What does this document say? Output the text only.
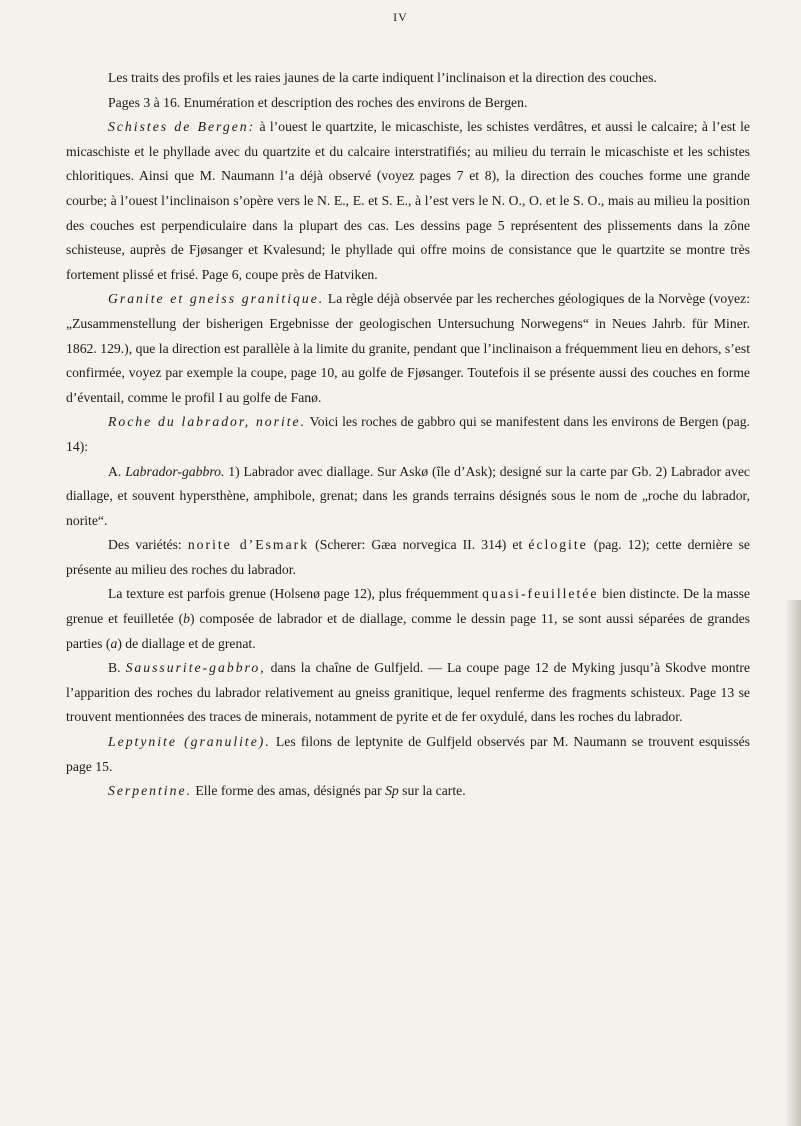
IV

Les traits des profils et les raies jaunes de la carte indiquent l’inclinaison et la direction des couches.

Pages 3 à 16. Enumération et description des roches des environs de Bergen.

Schistes de Bergen: à l’ouest le quartzite, le micaschiste, les schistes verdâtres, et aussi le calcaire; à l’est le micaschiste et le phyllade avec du quartzite et du calcaire interstratifiés; au milieu du terrain le micaschiste et les schistes chloritiques. Ainsi que M. Naumann l’a déjà observé (voyez pages 7 et 8), la direction des couches forme une grande courbe; à l’ouest l’inclinaison s’opère vers le N. E., E. et S. E., à l’est vers le N. O., O. et le S. O., mais au milieu la position des couches est perpendiculaire dans la plupart des cas. Les dessins page 5 représentent des plissements dans la zône schisteuse, auprès de Fjøsanger et Kvalesund; le phyllade qui offre moins de consistance que le quartzite se montre très fortement plissé et frisé. Page 6, coupe près de Hatviken.

Granite et gneiss granitique. La règle déjà observée par les recherches géologiques de la Norvège (voyez: „Zusammenstellung der bisherigen Ergebnisse der geologischen Untersuchung Norwegens“ in Neues Jahrb. für Miner. 1862. 129.), que la direction est parallèle à la limite du granite, pendant que l’inclinaison a fréquemment lieu en dehors, s’est confirmée, voyez par exemple la coupe, page 10, au golfe de Fjøsanger. Toutefois il se présente aussi des couches en forme d’éventail, comme le profil I au golfe de Fanø.

Roche du labrador, norite. Voici les roches de gabbro qui se manifestent dans les environs de Bergen (pag. 14):

A. Labrador-gabbro. 1) Labrador avec diallage. Sur Askø (île d’Ask); designé sur la carte par Gb. 2) Labrador avec diallage, et souvent hypersthène, amphibole, grenat; dans les grands terrains désignés sous le nom de „roche du labrador, norite“.

Des variétés: norite d’Esmark (Scherer: Gæa norvegica II. 314) et éclogite (pag. 12); cette dernière se présente au milieu des roches du labrador.

La texture est parfois grenue (Holsenø page 12), plus fréquemment quasi-feuilletée bien distincte. De la masse grenue et feuilletée (b) composée de labrador et de diallage, comme le dessin page 11, se sont aussi séparées de grandes parties (a) de diallage et de grenat.

B. Saussurite-gabbro, dans la chaîne de Gulfjeld. — La coupe page 12 de Myking jusqu’à Skodve montre l’apparition des roches du labrador relativement au gneiss granitique, lequel renferme des fragments schisteux. Page 13 se trouvent mentionnées des traces de minerais, notamment de pyrite et de fer oxydulé, dans les roches du labrador.

Leptynite (granulite). Les filons de leptynite de Gulfjeld observés par M. Naumann se trouvent esquissés page 15.

Serpentine. Elle forme des amas, désignés par Sp sur la carte.
